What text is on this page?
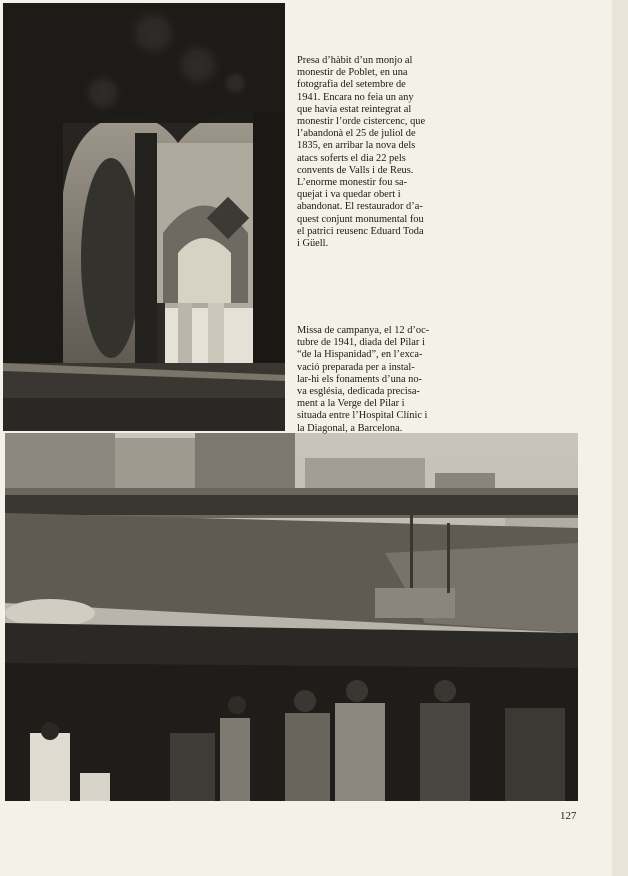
Presa d’hàbit d’un monjo al
monestir de Poblet, en una
fotografia del setembre de
1941. Encara no feia un any
que havia estat reintegrat al
monestir l’orde cistercenc, que
l’abandonà el 25 de juliol de
1835, en arribar la nova dels
atacs soferts el dia 22 pels
convents de Valls i de Reus.
L’enorme monestir fou sa-
quejat i va quedar obert i
abandonat. El restaurador d’a-
quest conjunt monumental fou
el patrici reusenc Eduard Toda
i Güell.
Missa de campanya, el 12 d’oc-
tubre de 1941, diada del Pilar i
“de la Hispanidad”, en l’exca-
vació preparada per a instal-
lar-hi els fonaments d’una no-
va església, dedicada precisa-
ment a la Verge del Pilar i
situada entre l’Hospital Clínic i
la Diagonal, a Barcelona.
127
